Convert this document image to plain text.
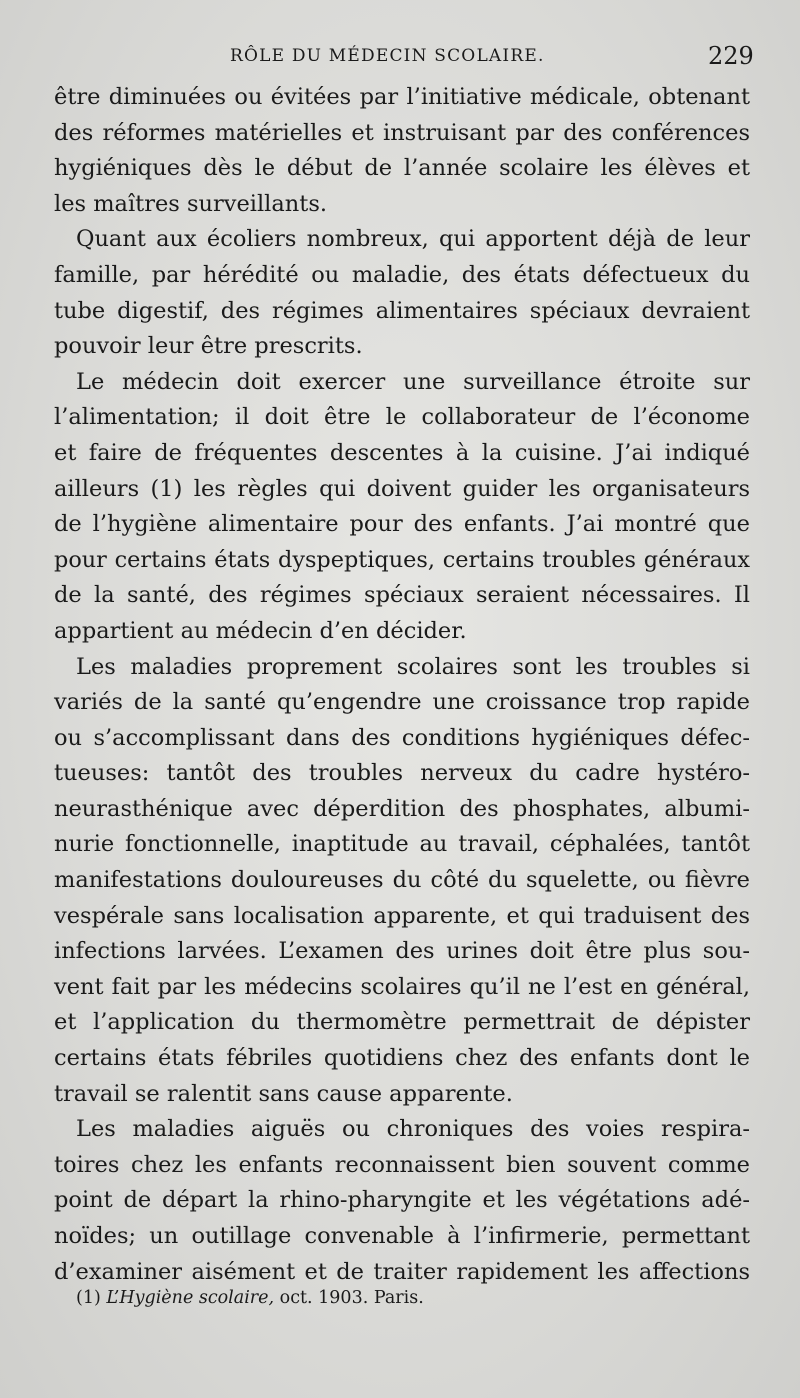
RÔLE DU MÉDECIN SCOLAIRE.	229
être diminuées ou évitées par l’initiative médicale, obtenant
des réformes matérielles et instruisant par des conférences
hygiéniques dès le début de l’année scolaire les élèves et
les maîtres surveillants.
Quant aux écoliers nombreux, qui apportent déjà de leur
famille, par hérédité ou maladie, des états défectueux du
tube digestif, des régimes alimentaires spéciaux devraient
pouvoir leur être prescrits.
Le médecin doit exercer une surveillance étroite sur
l’alimentation; il doit être le collaborateur de l’économe
et faire de fréquentes descentes à la cuisine. J’ai indiqué
ailleurs (1) les règles qui doivent guider les organisateurs
de l’hygiène alimentaire pour des enfants. J’ai montré que
pour certains états dyspeptiques, certains troubles généraux
de la santé, des régimes spéciaux seraient nécessaires. Il
appartient au médecin d’en décider.
Les maladies proprement scolaires sont les troubles si
variés de la santé qu’engendre une croissance trop rapide
ou s’accomplissant dans des conditions hygiéniques défec-
tueuses: tantôt des troubles nerveux du cadre hystéro-
neurasthénique avec déperdition des phosphates, albumi-
nurie fonctionnelle, inaptitude au travail, céphalées, tantôt
manifestations douloureuses du côté du squelette, ou fièvre
vespérale sans localisation apparente, et qui traduisent des
infections larvées. L’examen des urines doit être plus sou-
vent fait par les médecins scolaires qu’il ne l’est en général,
et l’application du thermomètre permettrait de dépister
certains états fébriles quotidiens chez des enfants dont le
travail se ralentit sans cause apparente.
Les maladies aiguës ou chroniques des voies respira-
toires chez les enfants reconnaissent bien souvent comme
point de départ la rhino-pharyngite et les végétations adé-
noïdes; un outillage convenable à l’infirmerie, permettant
d’examiner aisément et de traiter rapidement les affections
(1) L’Hygiène scolaire, oct. 1903. Paris.
